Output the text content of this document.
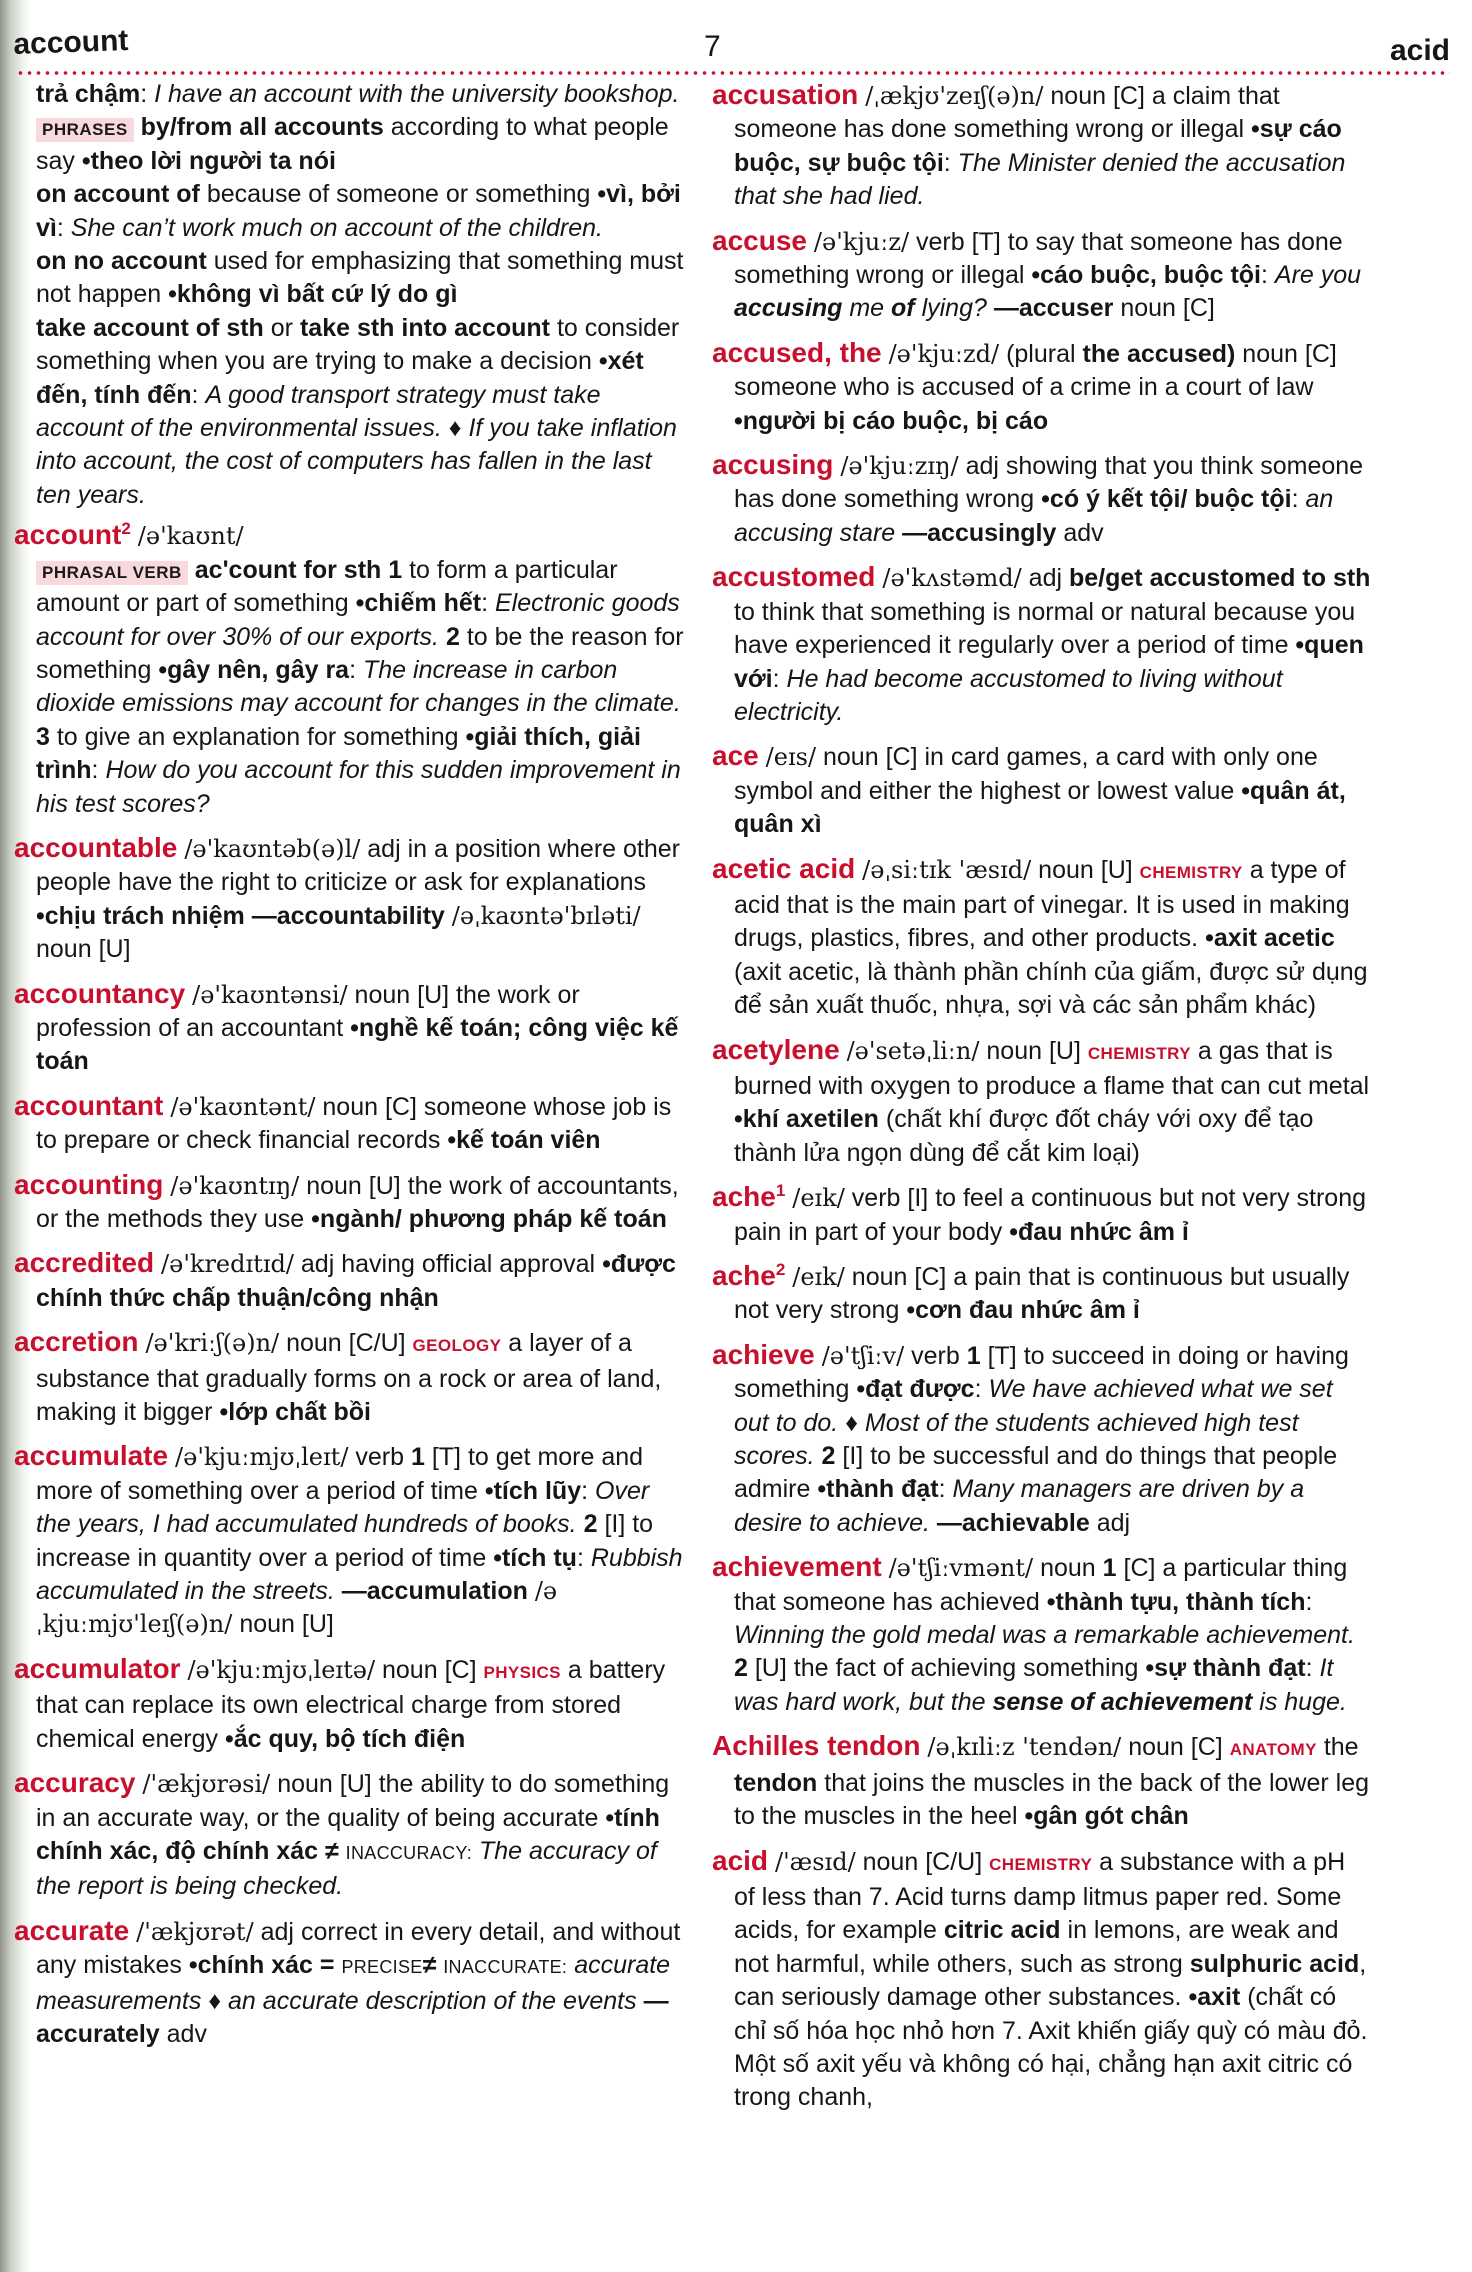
account	7	acid

trả chậm: I have an account with the university bookshop.

PHRASES by/from all accounts according to what people say •theo lời người ta nói

on account of because of someone or something •vì, bởi vì: She can’t work much on account of the children.

on no account used for emphasizing that something must not happen •không vì bất cứ lý do gì

take account of sth or take sth into account to consider something when you are trying to make a decision •xét đến, tính đến: A good transport strategy must take account of the environmental issues. ♦ If you take inflation into account, the cost of computers has fallen in the last ten years.

account$^2$ /ə'kaʊnt/

PHRASAL VERB ac'count for sth 1 to form a particular amount or part of something •chiếm hết: Electronic goods account for over 30% of our exports. 2 to be the reason for something •gây nên, gây ra: The increase in carbon dioxide emissions may account for changes in the climate. 3 to give an explanation for something •giải thích, giải trình: How do you account for this sudden improvement in his test scores?

accountable /ə'kaʊntəb(ə)l/ adj in a position where other people have the right to criticize or ask for explanations •chịu trách nhiệm —accountability /əˌkaʊntə'bɪləti/ noun [U]
accountancy /ə'kaʊntənsi/ noun [U] the work or profession of an accountant •nghề kế toán; công việc kế toán
accountant /ə'kaʊntənt/ noun [C] someone whose job is to prepare or check financial records •kế toán viên
accounting /ə'kaʊntɪŋ/ noun [U] the work of accountants, or the methods they use •ngành/ phương pháp kế toán
accredited /ə'kredɪtɪd/ adj having official approval •được chính thức chấp thuận/công nhận
accretion /ə'kriːʃ(ə)n/ noun [C/U] GEOLOGY a layer of a substance that gradually forms on a rock or area of land, making it bigger •lớp chất bồi
accumulate /ə'kjuːmjʊˌleɪt/ verb 1 [T] to get more and more of something over a period of time •tích lũy: Over the years, I had accumulated hundreds of books. 2 [I] to increase in quantity over a period of time •tích tụ: Rubbish accumulated in the streets. —accumulation /əˌkjuːmjʊ'leɪʃ(ə)n/ noun [U]
accumulator /ə'kjuːmjʊˌleɪtə/ noun [C] PHYSICS a battery that can replace its own electrical charge from stored chemical energy •ắc quy, bộ tích điện
accuracy /'ækjʊrəsi/ noun [U] the ability to do something in an accurate way, or the quality of being accurate •tính chính xác, độ chính xác ≠ INACCURACY: The accuracy of the report is being checked.
accurate /'ækjʊrət/ adj correct in every detail, and without any mistakes •chính xác = PRECISE≠ INACCURATE: accurate measurements ♦ an accurate description of the events —accurately adv
accusation /ˌækjʊ'zeɪʃ(ə)n/ noun [C] a claim that someone has done something wrong or illegal •sự cáo buộc, sự buộc tội: The Minister denied the accusation that she had lied.
accuse /ə'kjuːz/ verb [T] to say that someone has done something wrong or illegal •cáo buộc, buộc tội: Are you accusing me of lying? —accuser noun [C]
accused, the /ə'kjuːzd/ (plural the accused) noun [C] someone who is accused of a crime in a court of law •người bị cáo buộc, bị cáo
accusing /ə'kjuːzɪŋ/ adj showing that you think someone has done something wrong •có ý kết tội/ buộc tội: an accusing stare —accusingly adv
accustomed /ə'kʌstəmd/ adj be/get accustomed to sth to think that something is normal or natural because you have experienced it regularly over a period of time •quen với: He had become accustomed to living without electricity.
ace /eɪs/ noun [C] in card games, a card with only one symbol and either the highest or lowest value •quân át, quân xì
acetic acid /əˌsiːtɪk 'æsɪd/ noun [U] CHEMISTRY a type of acid that is the main part of vinegar. It is used in making drugs, plastics, fibres, and other products. •axit acetic (axit acetic, là thành phần chính của giấm, được sử dụng để sản xuất thuốc, nhựa, sợi và các sản phẩm khác)
acetylene /ə'setəˌliːn/ noun [U] CHEMISTRY a gas that is burned with oxygen to produce a flame that can cut metal •khí axetilen (chất khí được đốt cháy với oxy để tạo thành lửa ngọn dùng để cắt kim loại)
ache$^1$ /eɪk/ verb [I] to feel a continuous but not very strong pain in part of your body •đau nhức âm ỉ
ache$^2$ /eɪk/ noun [C] a pain that is continuous but usually not very strong •cơn đau nhức âm ỉ
achieve /ə'tʃiːv/ verb 1 [T] to succeed in doing or having something •đạt được: We have achieved what we set out to do. ♦ Most of the students achieved high test scores. 2 [I] to be successful and do things that people admire •thành đạt: Many managers are driven by a desire to achieve. —achievable adj
achievement /ə'tʃiːvmənt/ noun 1 [C] a particular thing that someone has achieved •thành tựu, thành tích: Winning the gold medal was a remarkable achievement. 2 [U] the fact of achieving something •sự thành đạt: It was hard work, but the sense of achievement is huge.
Achilles tendon /əˌkɪliːz 'tendən/ noun [C] ANATOMY the tendon that joins the muscles in the back of the lower leg to the muscles in the heel •gân gót chân
acid /'æsɪd/ noun [C/U] CHEMISTRY a substance with a pH of less than 7. Acid turns damp litmus paper red. Some acids, for example citric acid in lemons, are weak and not harmful, while others, such as strong sulphuric acid, can seriously damage other substances. •axit (chất có chỉ số hóa học nhỏ hơn 7. Axit khiến giấy quỳ có màu đỏ. Một số axit yếu và không có hại, chẳng hạn axit citric có trong chanh,
